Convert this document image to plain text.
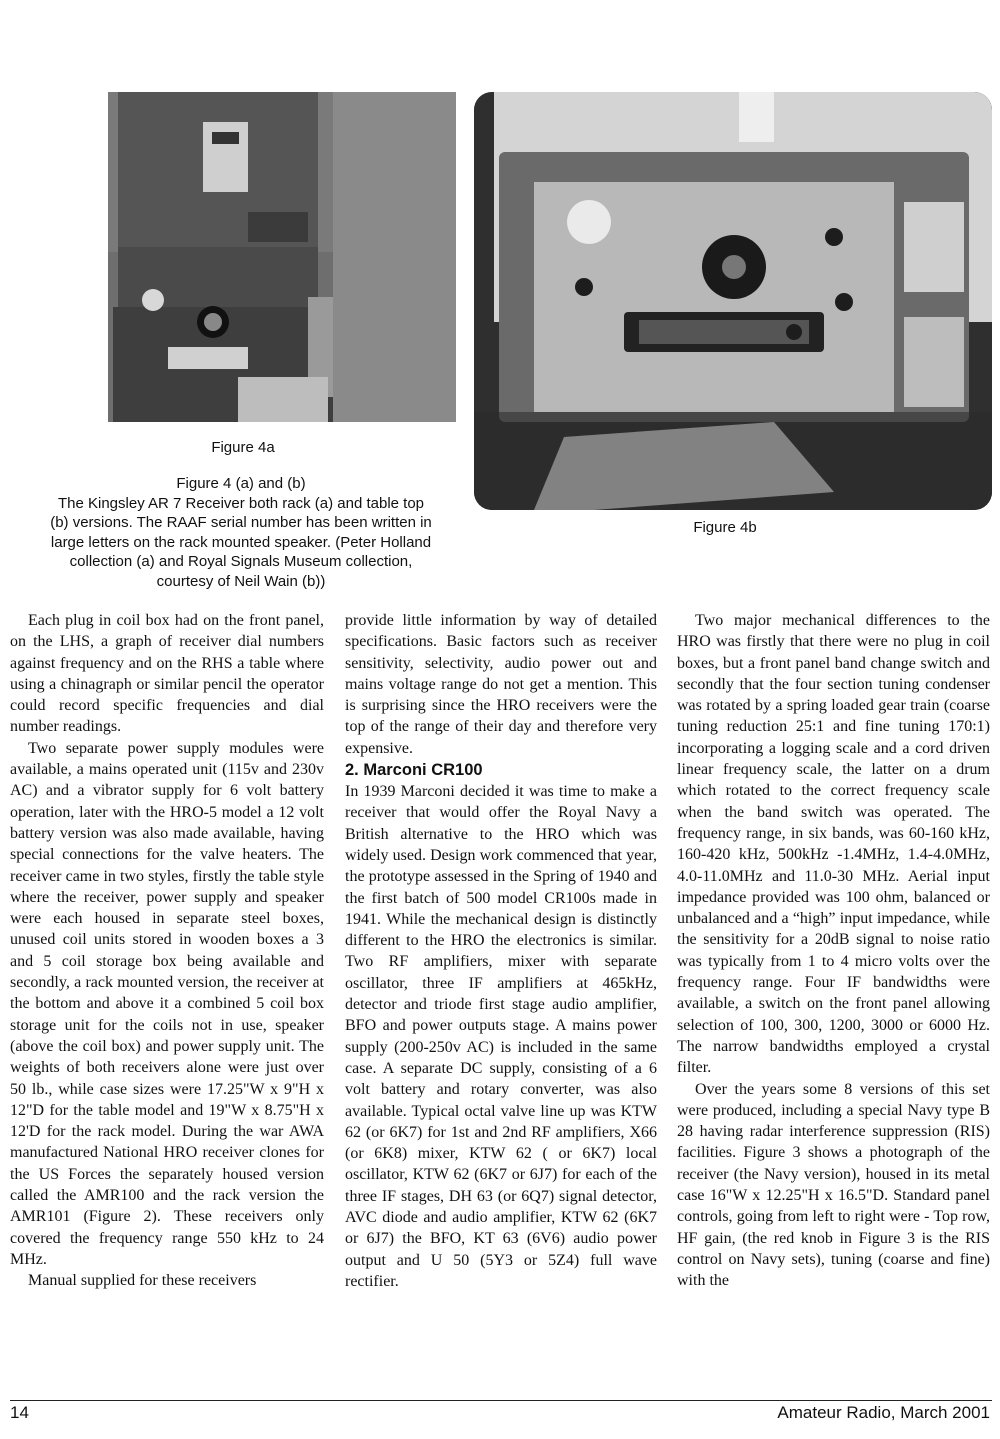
Figure 4a
Figure 4b
Figure 4 (a) and (b)
The Kingsley AR 7 Receiver both rack (a) and table top
(b) versions. The RAAF serial number has been written in
large letters on the rack mounted speaker. (Peter Holland
collection (a) and Royal Signals Museum collection,
courtesy of Neil Wain (b))

Each plug in coil box had on the front panel, on the LHS, a graph of receiver dial numbers against frequency and on the RHS a table where using a chinagraph or similar pencil the operator could record specific frequencies and dial number readings.

Two separate power supply modules were available, a mains operated unit (115v and 230v AC) and a vibrator supply for 6 volt battery operation, later with the HRO-5 model a 12 volt battery version was also made available, having special connections for the valve heaters. The receiver came in two styles, firstly the table style where the receiver, power supply and speaker were each housed in separate steel boxes, unused coil units stored in wooden boxes a 3 and 5 coil storage box being available and secondly, a rack mounted version, the receiver at the bottom and above it a combined 5 coil box storage unit for the coils not in use, speaker (above the coil box) and power supply unit. The weights of both receivers alone were just over 50 lb., while case sizes were 17.25"W x 9"H x 12"D for the table model and 19"W x 8.75"H x 12'D for the rack model. During the war AWA manufactured National HRO receiver clones for the US Forces the separately housed version called the AMR100 and the rack version the AMR101 (Figure 2). These receivers only covered the frequency range 550 kHz to 24 MHz.

Manual supplied for these receivers

provide little information by way of detailed specifications. Basic factors such as receiver sensitivity, selectivity, audio power out and mains voltage range do not get a mention. This is surprising since the HRO receivers were the top of the range of their day and therefore very expensive.

2. Marconi CR100

In 1939 Marconi decided it was time to make a receiver that would offer the Royal Navy a British alternative to the HRO which was widely used. Design work commenced that year, the prototype assessed in the Spring of 1940 and the first batch of 500 model CR100s made in 1941. While the mechanical design is distinctly different to the HRO the electronics is similar. Two RF amplifiers, mixer with separate oscillator, three IF amplifiers at 465kHz, detector and triode first stage audio amplifier, BFO and power outputs stage. A mains power supply (200-250v AC) is included in the same case. A separate DC supply, consisting of a 6 volt battery and rotary converter, was also available. Typical octal valve line up was KTW 62 (or 6K7) for 1st and 2nd RF amplifiers, X66 (or 6K8) mixer, KTW 62 ( or 6K7) local oscillator, KTW 62 (6K7 or 6J7) for each of the three IF stages, DH 63 (or 6Q7) signal detector, AVC diode and audio amplifier, KTW 62 (6K7 or 6J7) the BFO, KT 63 (6V6) audio power output and U 50 (5Y3 or 5Z4) full wave rectifier.

Two major mechanical differences to the HRO was firstly that there were no plug in coil boxes, but a front panel band change switch and secondly that the four section tuning condenser was rotated by a spring loaded gear train (coarse tuning reduction 25:1 and fine tuning 170:1) incorporating a logging scale and a cord driven linear frequency scale, the latter on a drum which rotated to the correct frequency scale when the band switch was operated. The frequency range, in six bands, was 60-160 kHz, 160-420 kHz, 500kHz -1.4MHz, 1.4-4.0MHz, 4.0-11.0MHz and 11.0-30 MHz. Aerial input impedance provided was 100 ohm, balanced or unbalanced and a “high” input impedance, while the sensitivity for a 20dB signal to noise ratio was typically from 1 to 4 micro volts over the frequency range. Four IF bandwidths were available, a switch on the front panel allowing selection of 100, 300, 1200, 3000 or 6000 Hz. The narrow bandwidths employed a crystal filter.

Over the years some 8 versions of this set were produced, including a special Navy type B 28 having radar interference suppression (RIS) facilities. Figure 3 shows a photograph of the receiver (the Navy version), housed in its metal case 16"W x 12.25"H x 16.5"D. Standard panel controls, going from left to right were - Top row, HF gain, (the red knob in Figure 3 is the RIS control on Navy sets), tuning (coarse and fine) with the

14	Amateur Radio, March 2001
